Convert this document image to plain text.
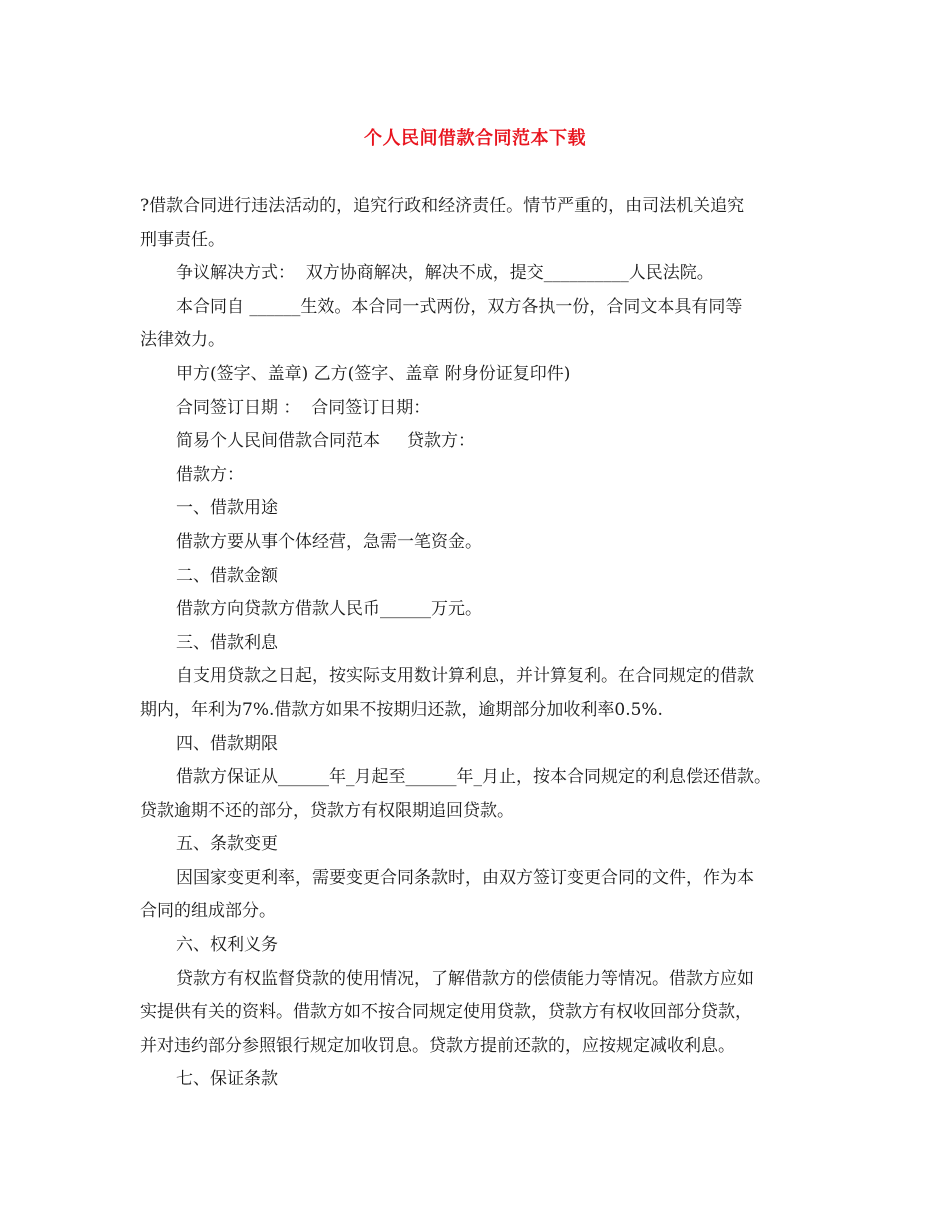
个人民间借款合同范本下载
?借款合同进行违法活动的，追究行政和经济责任。情节严重的，由司法机关追究
刑事责任。
争议解决方式：  双方协商解决，解决不成，提交__________人民法院。
本合同自 ______生效。本合同一式两份，双方各执一份，合同文本具有同等
法律效力。
甲方(签字、盖章) 乙方(签字、盖章 附身份证复印件)
合同签订日期 ：  合同签订日期：
简易个人民间借款合同范本     贷款方：
借款方：
一、借款用途
借款方要从事个体经营，急需一笔资金。
二、借款金额
借款方向贷款方借款人民币______万元。
三、借款利息
自支用贷款之日起，按实际支用数计算利息，并计算复利。在合同规定的借款
期内，年利为7%.借款方如果不按期归还款，逾期部分加收利率0.5%.
四、借款期限
借款方保证从______年_月起至______年_月止，按本合同规定的利息偿还借款。
贷款逾期不还的部分，贷款方有权限期追回贷款。
五、条款变更
因国家变更利率，需要变更合同条款时，由双方签订变更合同的文件，作为本
合同的组成部分。
六、权利义务
贷款方有权监督贷款的使用情况，了解借款方的偿债能力等情况。借款方应如
实提供有关的资料。借款方如不按合同规定使用贷款，贷款方有权收回部分贷款，
并对违约部分参照银行规定加收罚息。贷款方提前还款的，应按规定减收利息。
七、保证条款
